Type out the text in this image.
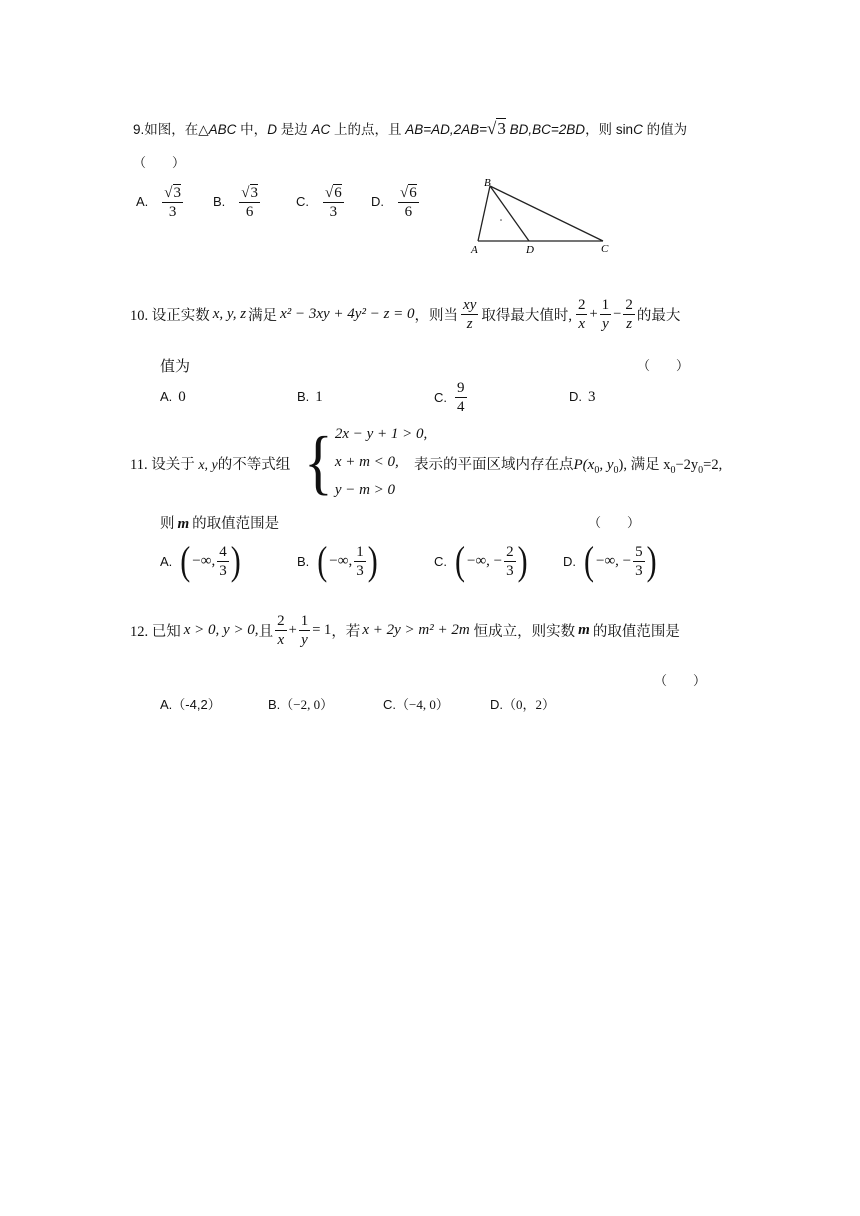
9.如图，在△ABC 中，D 是边 AC 上的点，且 AB=AD,2AB=√3 BD,BC=2BD，则 sinC 的值为
（　　）
A. $\frac{√3}{3} B$. $\frac{√3}{6}$	C. $\frac{√6}{3} D$. $\frac{√6}{6}$
B
A	D	C
10. 设正实数 x, y, z 满足 x² − 3xy + 4y² − z = 0 ，则当 $\frac{xy}{z}$ 取得最大值时, $\frac{2}{x} + \frac{1}{y} - \frac{2}{z}$ 的最大
值为	（　　）
A. 0	B. 1	C. $\frac{9}{4}$	D. 3
11. 设关于 x, y的不等式组 { 2x − y + 1 > 0,
x + m < 0,
y − m > 0
表示的平面区域内存在点$P(x_0$, $y_0$), 满足 $x_0-2y_0=2$,
则 m 的取值范围是	（　　）
A. ( −∞, $\frac{4}{3}$ )	B. ( −∞, $\frac{1}{3}$ )	C. ( −∞, − $\frac{2}{3}$ )	D. ( −∞, − $\frac{5}{3}$ )
12. 已知 x > 0, y > 0, 且 $\frac{2}{x} + \frac{1}{y} = 1$ ，若 x + 2y > m² + 2m 恒成立，则实数 m 的取值范围是
（　　）
A.（-4,2）	B.（−2, 0）	C.（−4, 0）	D.（0，2）
